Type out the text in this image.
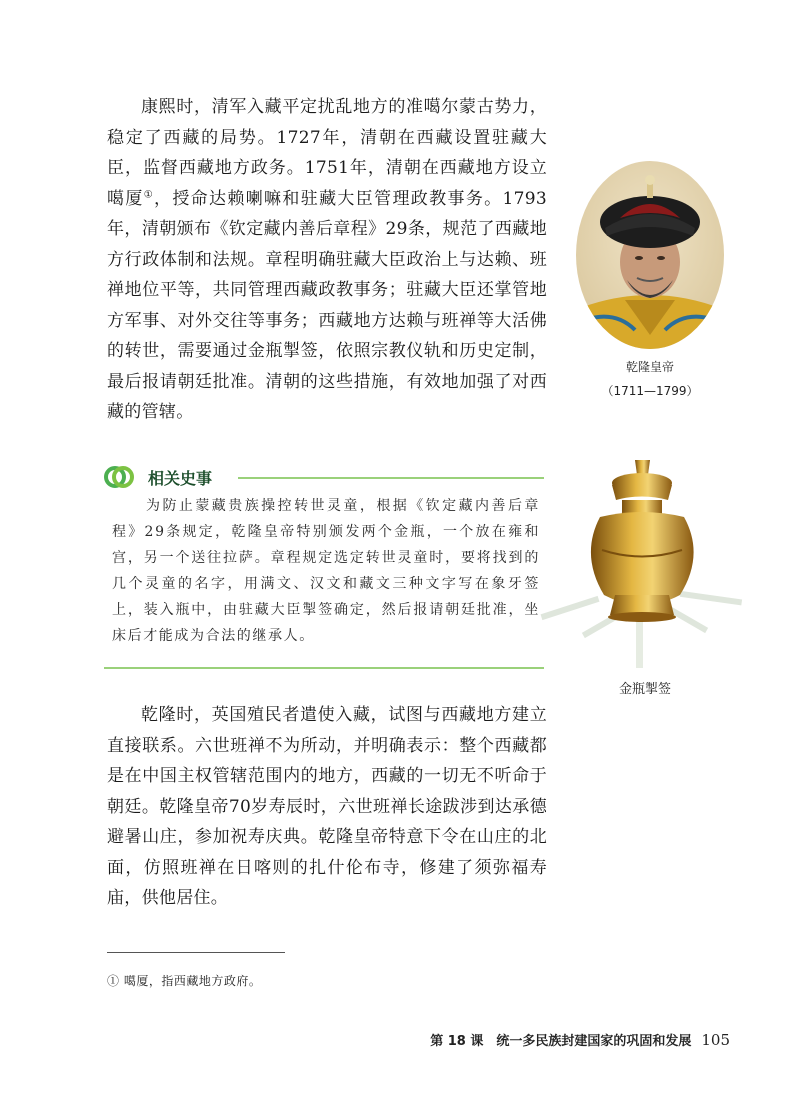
康熙时，清军入藏平定扰乱地方的准噶尔蒙古势力，稳定了西藏的局势。1727年，清朝在西藏设置驻藏大臣，监督西藏地方政务。1751年，清朝在西藏地方设立噶厦①，授命达赖喇嘛和驻藏大臣管理政教事务。1793年，清朝颁布《钦定藏内善后章程》29条，规范了西藏地方行政体制和法规。章程明确驻藏大臣政治上与达赖、班禅地位平等，共同管理西藏政教事务；驻藏大臣还掌管地方军事、对外交往等事务；西藏地方达赖与班禅等大活佛的转世，需要通过金瓶掣签，依照宗教仪轨和历史定制，最后报请朝廷批准。清朝的这些措施，有效地加强了对西藏的管辖。

乾隆皇帝

（1711—1799）

相关史事

为防止蒙藏贵族操控转世灵童，根据《钦定藏内善后章程》29条规定，乾隆皇帝特别颁发两个金瓶，一个放在雍和宫，另一个送往拉萨。章程规定选定转世灵童时，要将找到的几个灵童的名字，用满文、汉文和藏文三种文字写在象牙签上，装入瓶中，由驻藏大臣掣签确定，然后报请朝廷批准，坐床后才能成为合法的继承人。

金瓶掣签

乾隆时，英国殖民者遣使入藏，试图与西藏地方建立直接联系。六世班禅不为所动，并明确表示：整个西藏都是在中国主权管辖范围内的地方，西藏的一切无不听命于朝廷。乾隆皇帝70岁寿辰时，六世班禅长途跋涉到达承德避暑山庄，参加祝寿庆典。乾隆皇帝特意下令在山庄的北面，仿照班禅在日喀则的扎什伦布寺，修建了须弥福寿庙，供他居住。

① 噶厦，指西藏地方政府。

第 18 课　统一多民族封建国家的巩固和发展 105
